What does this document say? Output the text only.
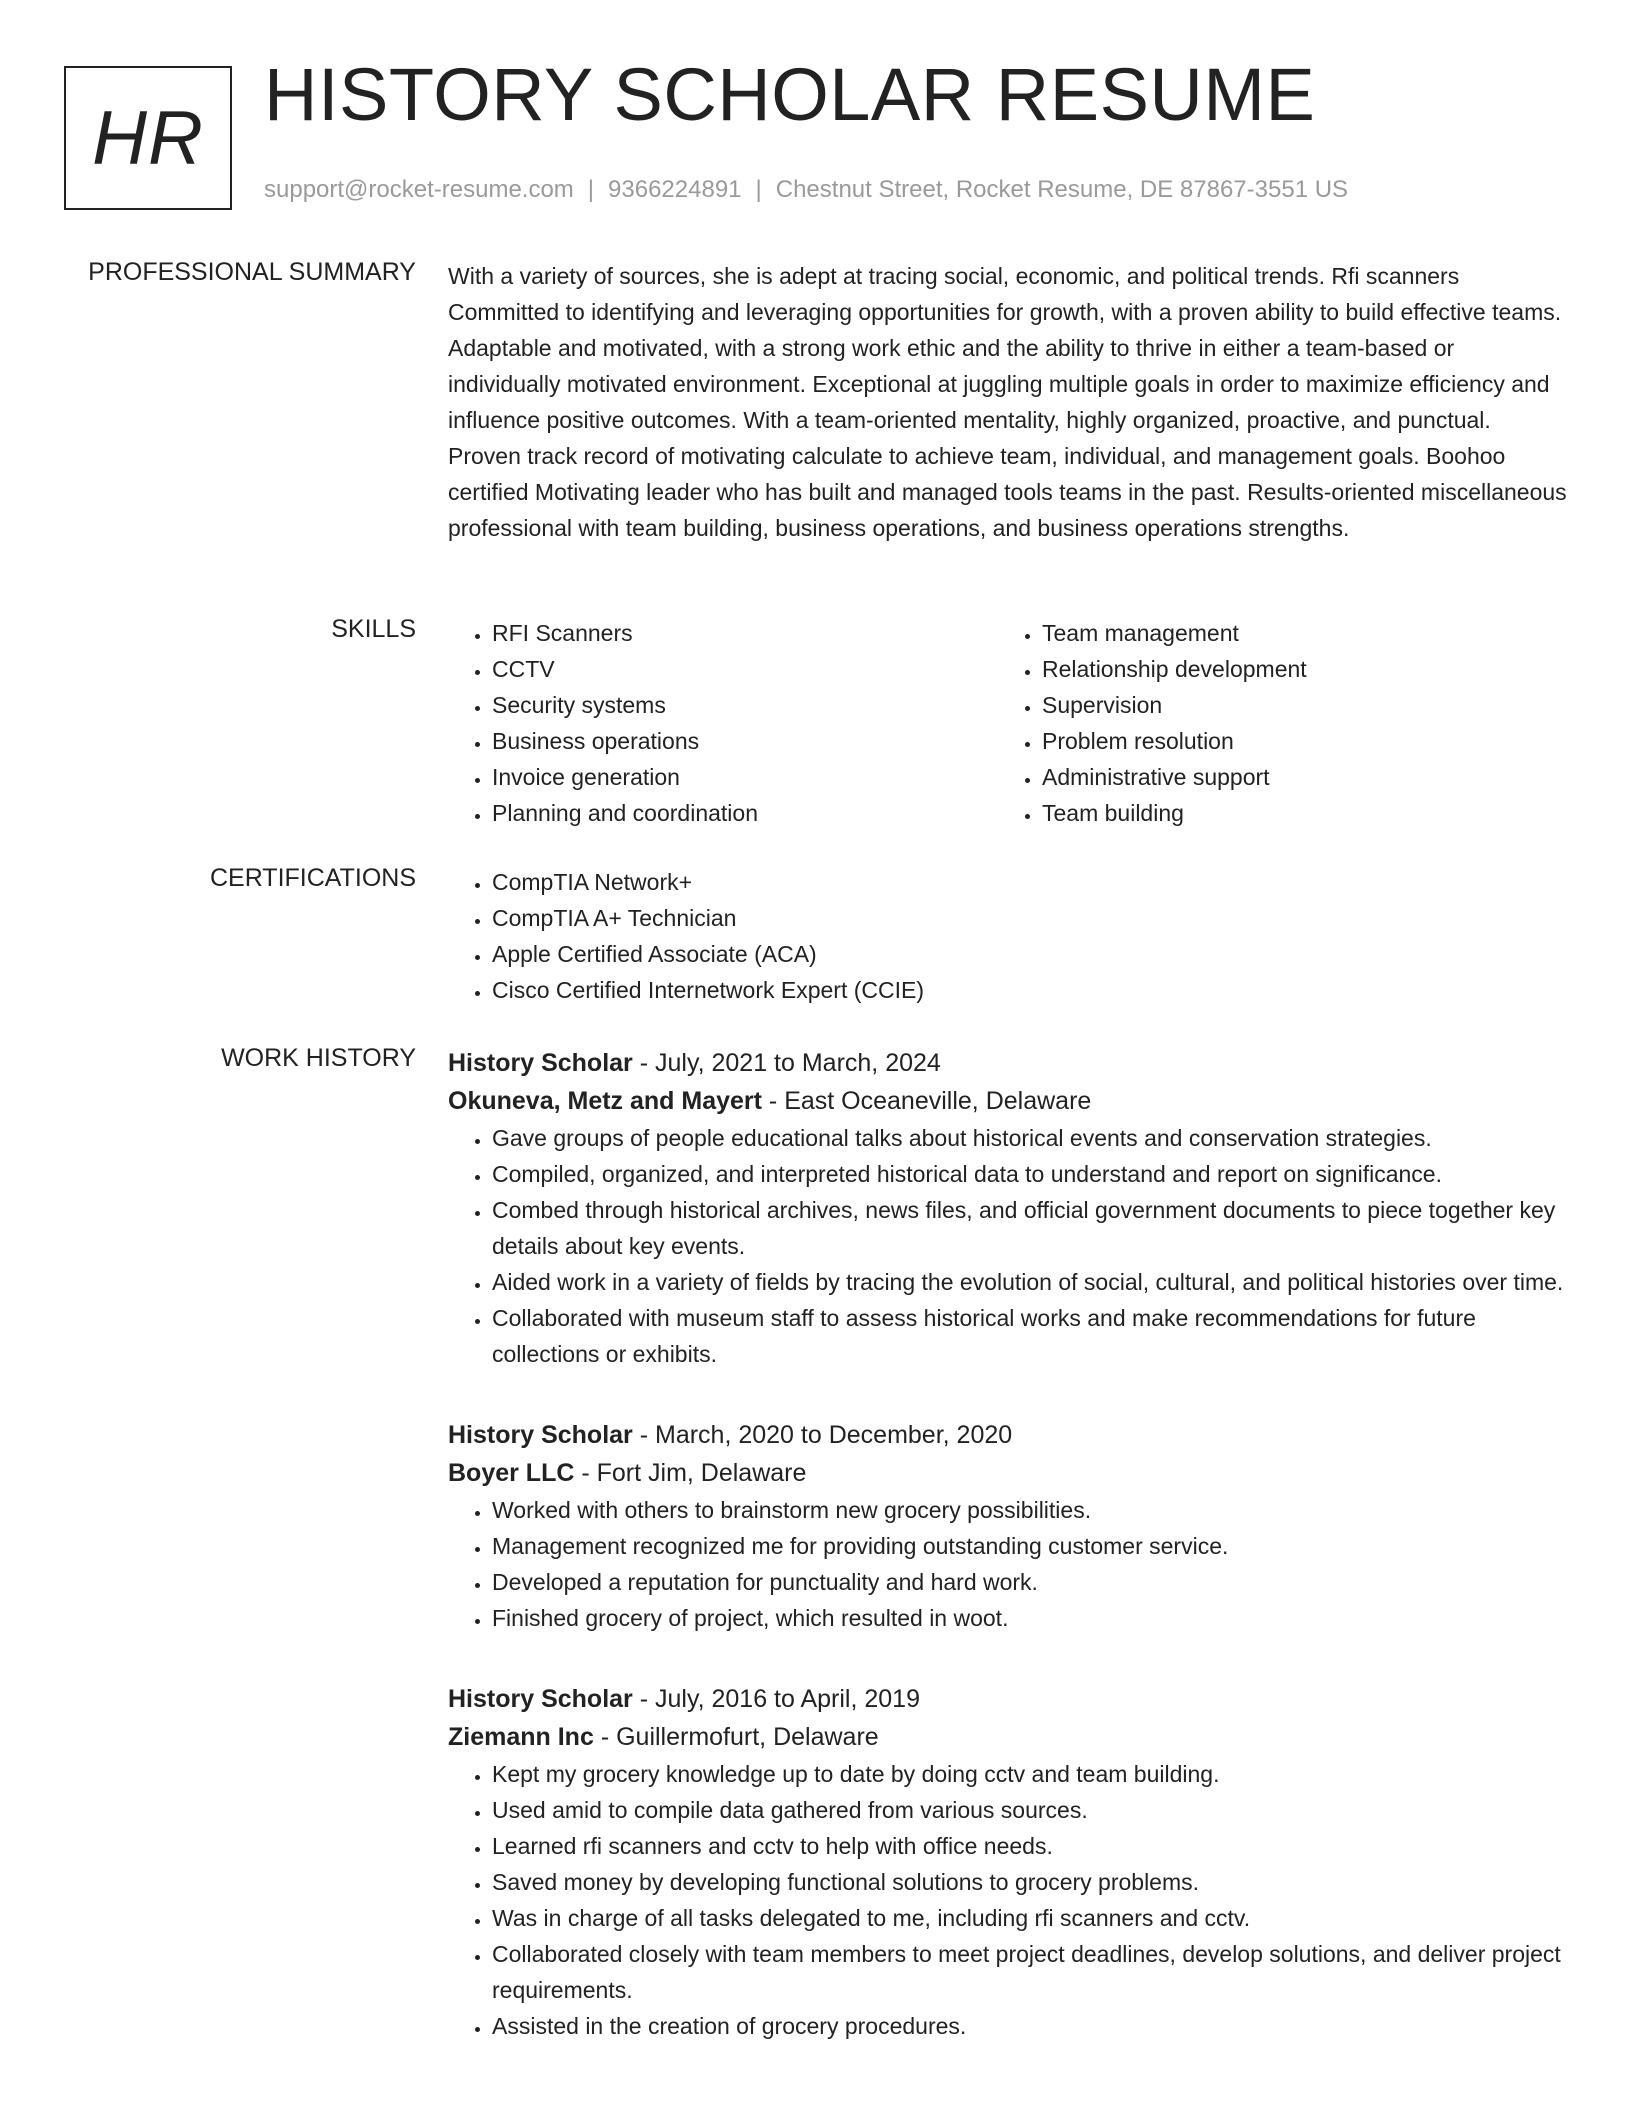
HR
HISTORY SCHOLAR RESUME
support@rocket-resume.com | 9366224891 | Chestnut Street, Rocket Resume, DE 87867-3551 US
PROFESSIONAL SUMMARY With a variety of sources, she is adept at tracing social, economic, and political trends. Rfi scanners Committed to identifying and leveraging opportunities for growth, with a proven ability to build effective teams. Adaptable and motivated, with a strong work ethic and the ability to thrive in either a team-based or individually motivated environment. Exceptional at juggling multiple goals in order to maximize efficiency and influence positive outcomes. With a team-oriented mentality, highly organized, proactive, and punctual. Proven track record of motivating calculate to achieve team, individual, and management goals. Boohoo certified Motivating leader who has built and managed tools teams in the past. Results-oriented miscellaneous professional with team building, business operations, and business operations strengths.
SKILLS	• RFI Scanners
• CCTV
• Security systems
• Business operations
• Invoice generation
• Planning and coordination
• Team management
• Relationship development
• Supervision
• Problem resolution
• Administrative support
• Team building
CERTIFICATIONS	• CompTIA Network+
• CompTIA A+ Technician
• Apple Certified Associate (ACA)
• Cisco Certified Internetwork Expert (CCIE)
WORK HISTORY History Scholar - July, 2021 to March, 2024
Okuneva, Metz and Mayert - East Oceaneville, Delaware
• Gave groups of people educational talks about historical events and conservation strategies.
• Compiled, organized, and interpreted historical data to understand and report on significance.
• Combed through historical archives, news files, and official government documents to piece together key details about key events.
• Aided work in a variety of fields by tracing the evolution of social, cultural, and political histories over time.
• Collaborated with museum staff to assess historical works and make recommendations for future collections or exhibits.
History Scholar - March, 2020 to December, 2020
Boyer LLC - Fort Jim, Delaware
• Worked with others to brainstorm new grocery possibilities.
• Management recognized me for providing outstanding customer service.
• Developed a reputation for punctuality and hard work.
• Finished grocery of project, which resulted in woot.
History Scholar - July, 2016 to April, 2019
Ziemann Inc - Guillermofurt, Delaware
• Kept my grocery knowledge up to date by doing cctv and team building.
• Used amid to compile data gathered from various sources.
• Learned rfi scanners and cctv to help with office needs.
• Saved money by developing functional solutions to grocery problems.
• Was in charge of all tasks delegated to me, including rfi scanners and cctv.
• Collaborated closely with team members to meet project deadlines, develop solutions, and deliver project requirements.
• Assisted in the creation of grocery procedures.
